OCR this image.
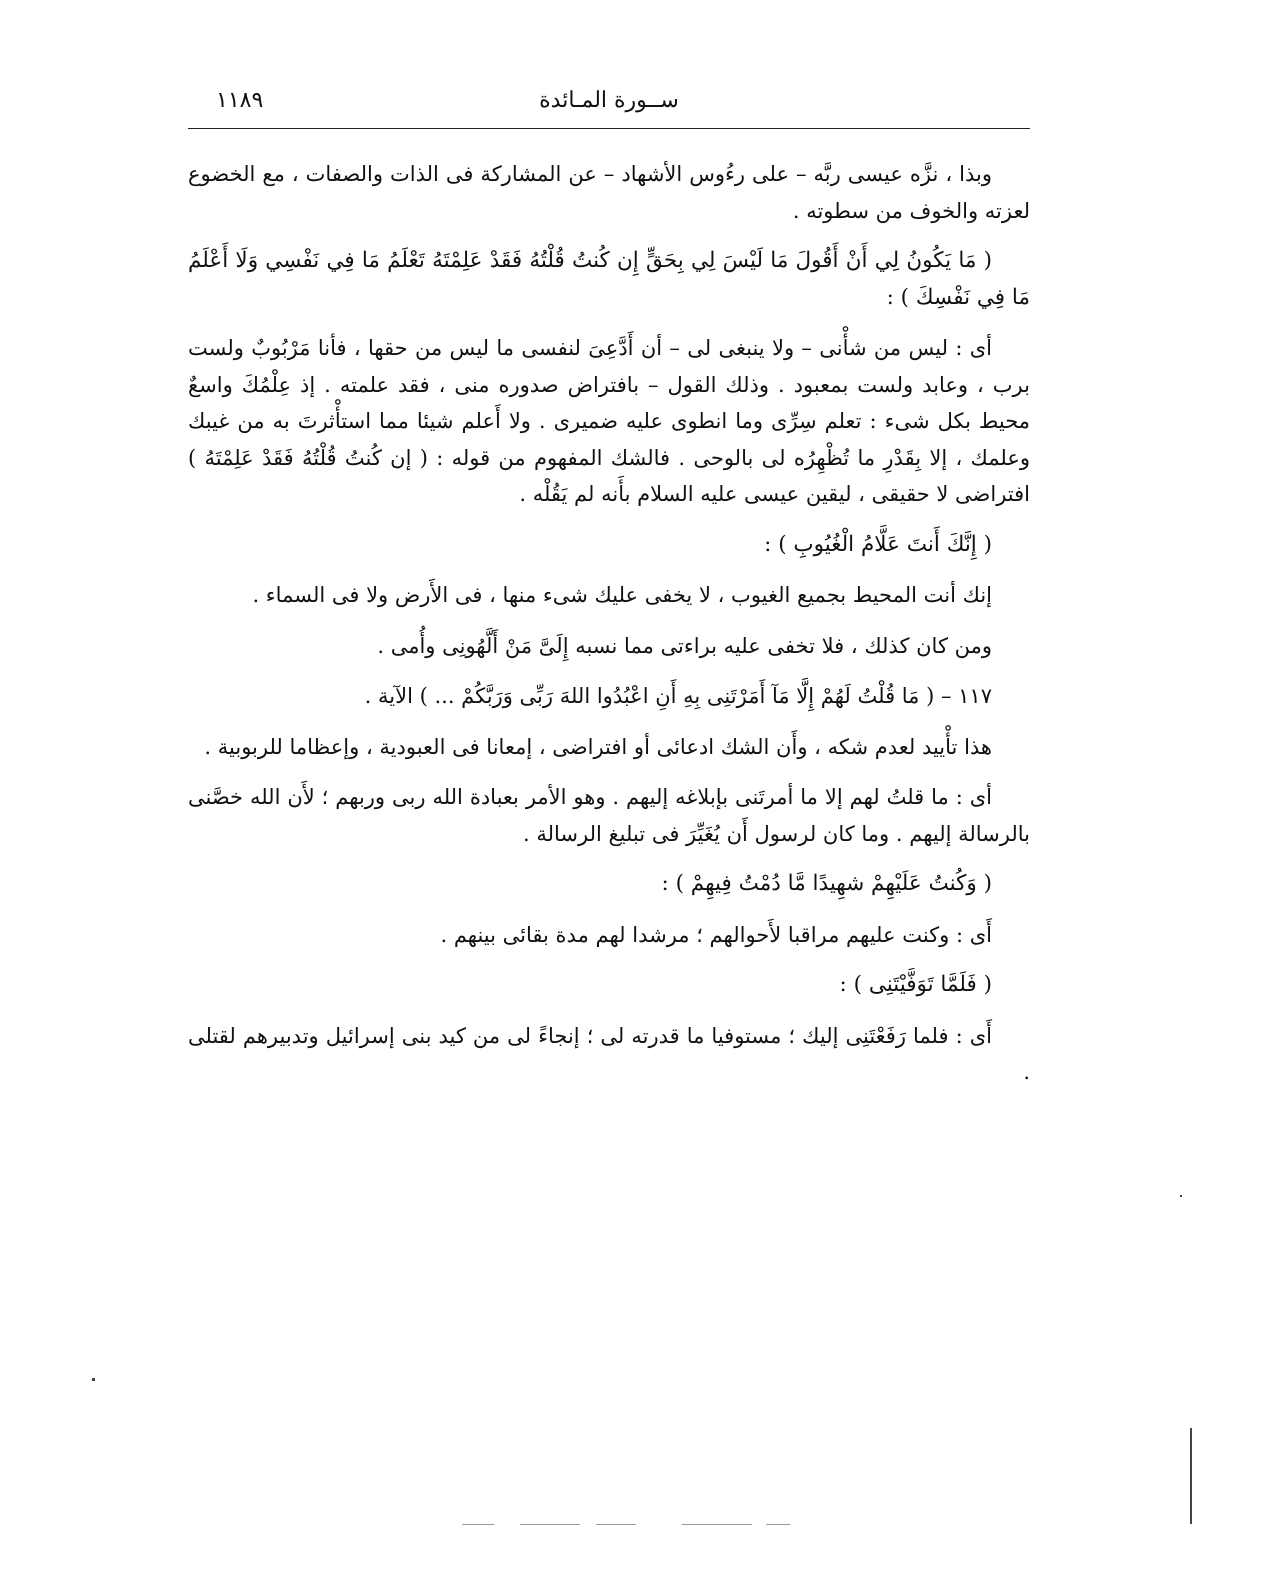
١١٨٩	ســورة المـائدة

وبذا ، نزَّه عيسى ربَّه – على رءُوس الأشهاد – عن المشاركة فى الذات والصفات ، مع الخضوع لعزته والخوف من سطوته .

( مَا يَكُونُ لِي أَنْ أَقُولَ مَا لَيْسَ لِي بِحَقٍّ إِن كُنتُ قُلْتُهُ فَقَدْ عَلِمْتَهُ تَعْلَمُ مَا فِي نَفْسِي وَلَا أَعْلَمُ مَا فِي نَفْسِكَ ) :

أى : ليس من شأْنى – ولا ينبغى لى – أن أَدَّعِىَ لنفسى ما ليس من حقها ، فأنا مَرْبُوبٌ ولست برب ، وعابد ولست بمعبود . وذلك القول – بافتراض صدوره منى ، فقد علمته . إذ عِلْمُكَ واسعٌ محيط بكل شىء : تعلم سِرِّى وما انطوى عليه ضميرى . ولا أَعلم شيئا مما استأْثرتَ به من غيبك وعلمك ، إلا بِقَدْرِ ما تُظْهِرُه لى بالوحى . فالشك المفهوم من قوله : ( إن كُنتُ قُلْتُهُ فَقَدْ عَلِمْتَهُ ) افتراضى لا حقيقى ، ليقين عيسى عليه السلام بأَنه لم يَقُلْه .

( إِنَّكَ أَنتَ عَلَّامُ الْغُيُوبِ ) :

إنك أنت المحيط بجميع الغيوب ، لا يخفى عليك شىء منها ، فى الأَرض ولا فى السماء .

ومن كان كذلك ، فلا تخفى عليه براءتى مما نسبه إِلَىَّ مَنْ أَلَّهُونِى وأُمى .

١١٧ – ( مَا قُلْتُ لَهُمْ إِلَّا مَآ أَمَرْتَنِى بِهِ أَنِ اعْبُدُوا اللهَ رَبِّى وَرَبَّكُمْ ... ) الآية .

هذا تأْييد لعدم شكه ، وأَن الشك ادعائى أو افتراضى ، إمعانا فى العبودية ، وإعظاما للربوبية .

أى : ما قلتُ لهم إلا ما أمرتَنى بإبلاغه إليهم . وهو الأمر بعبادة الله ربى وربهم ؛ لأَن الله خصَّنى بالرسالة إليهم . وما كان لرسول أَن يُغَيِّرَ فى تبليغ الرسالة .

( وَكُنتُ عَلَيْهِمْ شهِيدًا مَّا دُمْتُ فِيهِمْ ) :

أَى : وكنت عليهم مراقبا لأَحوالهم ؛ مرشدا لهم مدة بقائى بينهم .

( فَلَمَّا تَوَفَّيْتَنِى ) :

أَى : فلما رَفَعْتَنِى إليك ؛ مستوفيا ما قدرته لى ؛ إنجاءً لى من كيد بنى إسرائيل وتدبيرهم لقتلى .
